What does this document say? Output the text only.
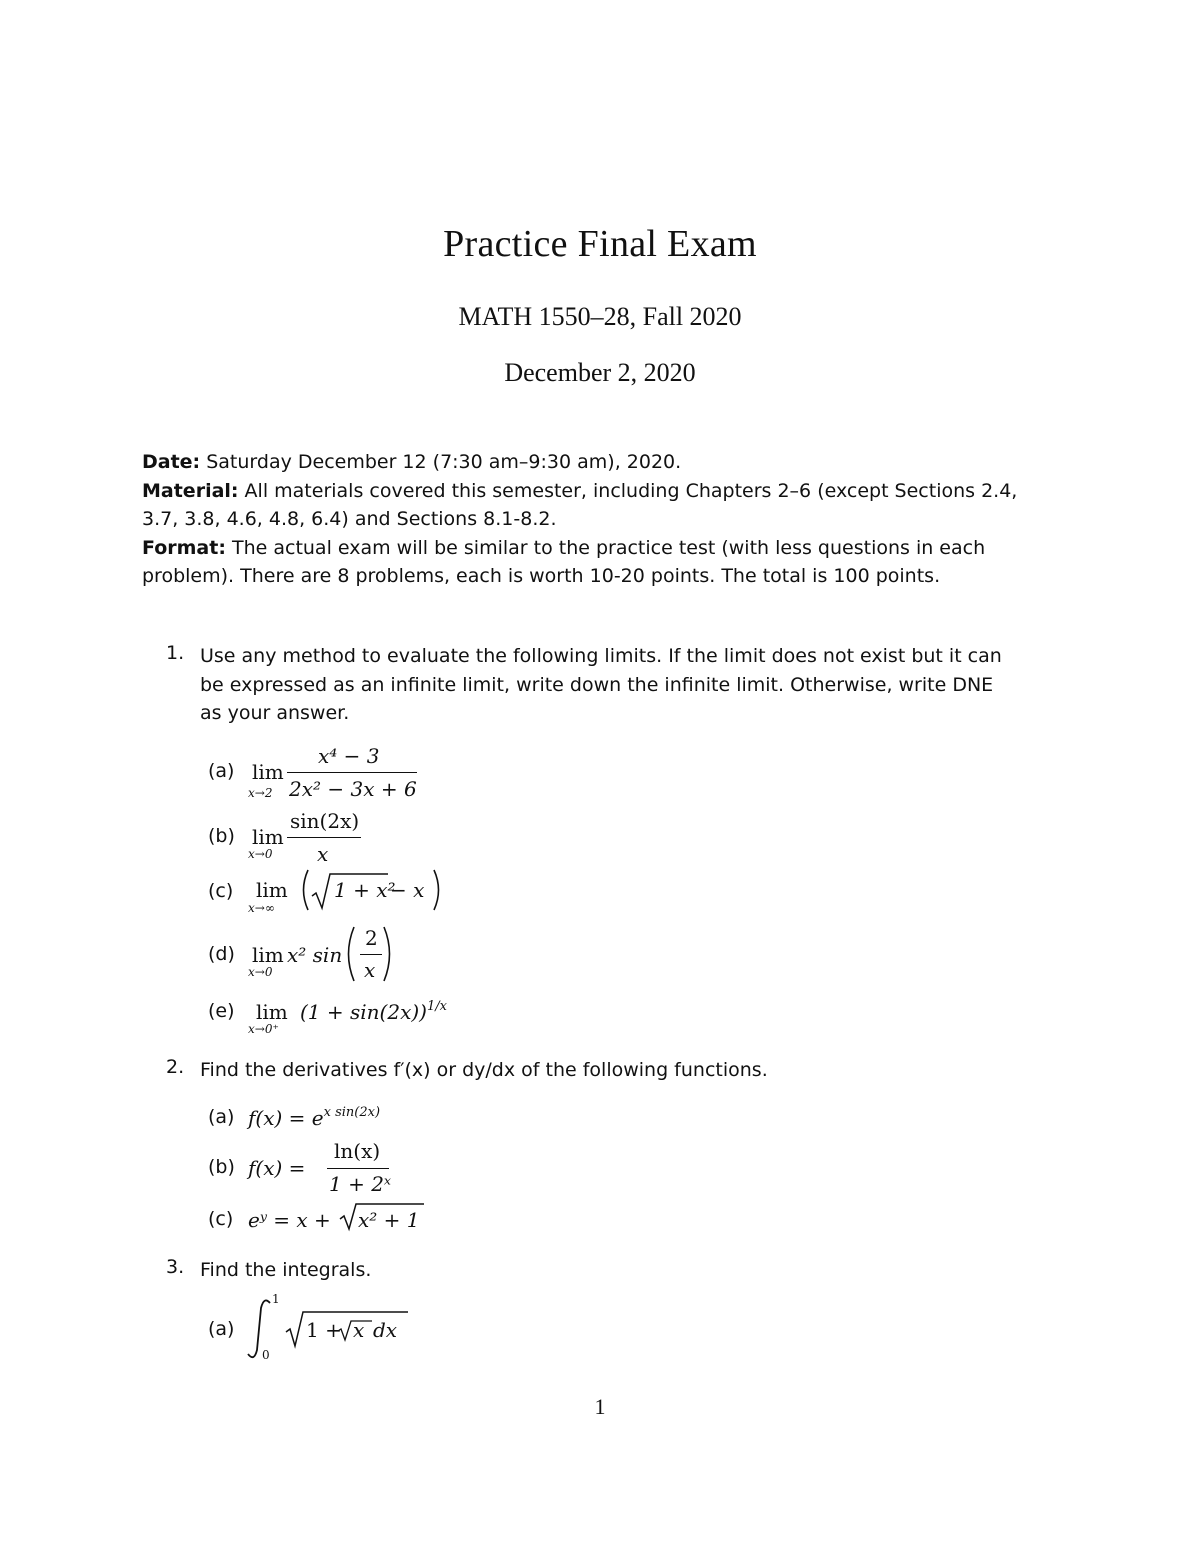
Practice Final Exam
MATH 1550–28, Fall 2020
December 2, 2020
Date: Saturday December 12 (7:30 am–9:30 am), 2020.
Material: All materials covered this semester, including Chapters 2–6 (except Sections 2.4,
3.7, 3.8, 4.6, 4.8, 6.4) and Sections 8.1-8.2.
Format: The actual exam will be similar to the practice test (with less questions in each
problem). There are 8 problems, each is worth 10-20 points. The total is 100 points.
1. Use any method to evaluate the following limits. If the limit does not exist but it can
be expressed as an infinite limit, write down the infinite limit. Otherwise, write DNE
as your answer.
(a) lim
x→2
x⁴ − 3
2x² − 3x + 6
(b) lim
x→0
sin(2x)
x
(c) lim
x→∞
1 + x²
− x
(d) lim
x→0
x² sin
2
x
(e) lim
x→0⁺
$(1 + \sin(2x))^{1/x}$
2. Find the derivatives f′(x) or dy/dx of the following functions.
(a) $f(x) = e^{x sin(2x)}$
(b) f(x) =
ln(x)
1 + 2ˣ
(c) eʸ = x + x² + 1
3. Find the integrals.
(a)
1
0
1 + x dx
1
